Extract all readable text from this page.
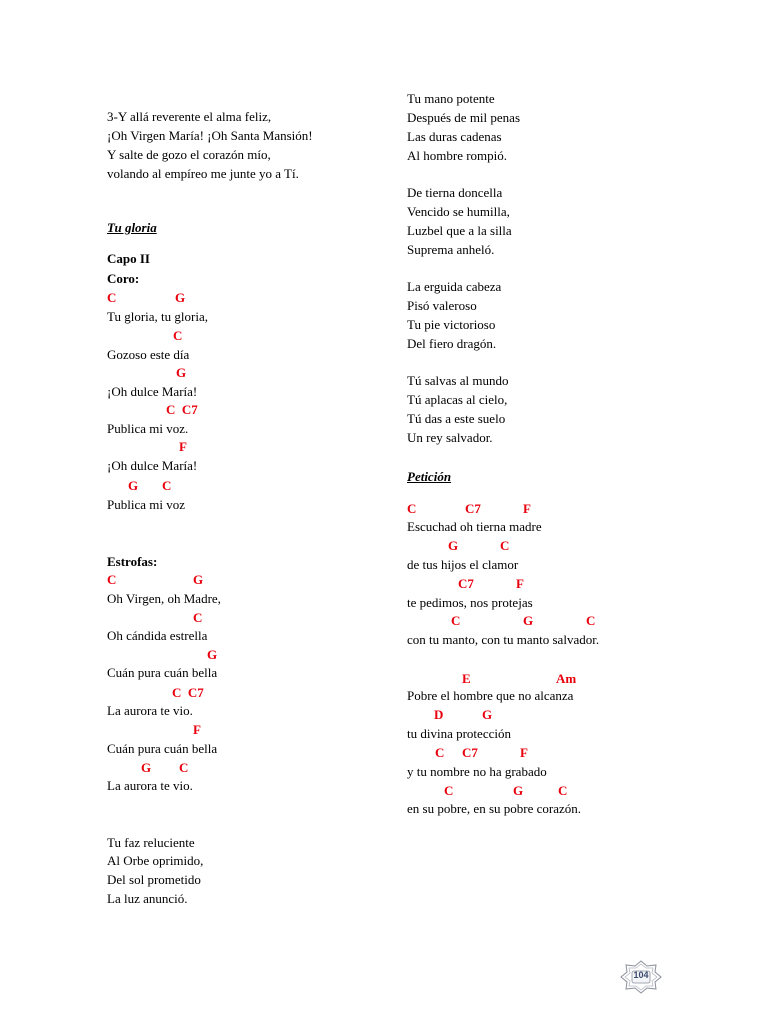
3-Y allá reverente el alma feliz,
¡Oh Virgen María! ¡Oh Santa Mansión!
Y salte de gozo el corazón mío,
volando al empíreo me junte yo a Tí.
Tu gloria
Capo II
Coro:
C	G
Tu gloria, tu gloria,
C
Gozoso este día
G
¡Oh dulce María!
C  C7
Publica mi voz.
F
¡Oh dulce María!
G C
Publica mi voz
Estrofas:
C	G
Oh Virgen, oh Madre,
C
Oh cándida estrella
G
Cuán pura cuán bella
C  C7
La aurora te vio.
F
Cuán pura cuán bella
G C
La aurora te vio.
Tu faz reluciente
Al Orbe oprimido,
Del sol prometido
La luz anunció.
Tu mano potente
Después de mil penas
Las duras cadenas
Al hombre rompió.
De tierna doncella
Vencido se humilla,
Luzbel que a la silla
Suprema anheló.
La erguida cabeza
Pisó valeroso
Tu pie victorioso
Del fiero dragón.
Tú salvas al mundo
Tú aplacas al cielo,
Tú das a este suelo
Un rey salvador.
Petición
C	C7	F
Escuchad oh tierna madre
G	C
de tus hijos el clamor
C7	F
te pedimos, nos protejas
C	G	C
con tu manto, con tu manto salvador.
E	Am
Pobre el hombre que no alcanza
D	G
tu divina protección
C C7	F
y tu nombre no ha grabado
C	G	C
en su pobre, en su pobre corazón.
104
